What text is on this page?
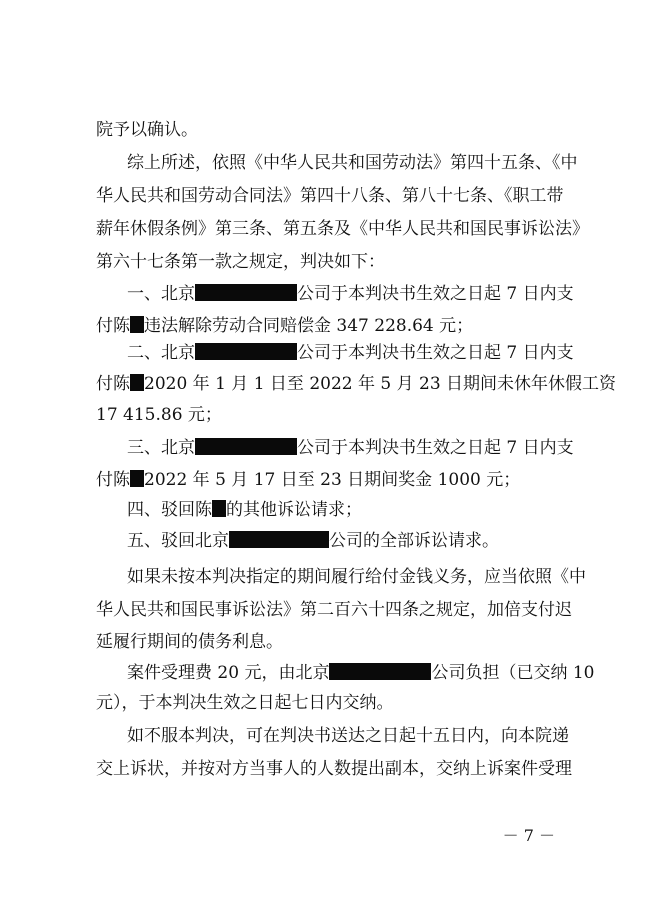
院予以确认。
综上所述，依照《中华人民共和国劳动法》第四十五条、《中
华人民共和国劳动合同法》第四十八条、第八十七条、《职工带
薪年休假条例》第三条、第五条及《中华人民共和国民事诉讼法》
第六十七条第一款之规定，判决如下：
一、北京	公司于本判决书生效之日起 7 日内支
付陈 违法解除劳动合同赔偿金 347 228.64 元；
二、北京	公司于本判决书生效之日起 7 日内支
付陈 2020 年 1 月 1 日至 2022 年 5 月 23 日期间未休年休假工资
17 415.86 元；
三、北京	公司于本判决书生效之日起 7 日内支
付陈 2022 年 5 月 17 日至 23 日期间奖金 1000 元；
四、驳回陈 的其他诉讼请求；
五、驳回北京	公司的全部诉讼请求。
如果未按本判决指定的期间履行给付金钱义务，应当依照《中
华人民共和国民事诉讼法》第二百六十四条之规定，加倍支付迟
延履行期间的债务利息。
案件受理费 20 元，由北京	公司负担（已交纳 10
元），于本判决生效之日起七日内交纳。
如不服本判决，可在判决书送达之日起十五日内，向本院递
交上诉状，并按对方当事人的人数提出副本，交纳上诉案件受理
－ 7 －
